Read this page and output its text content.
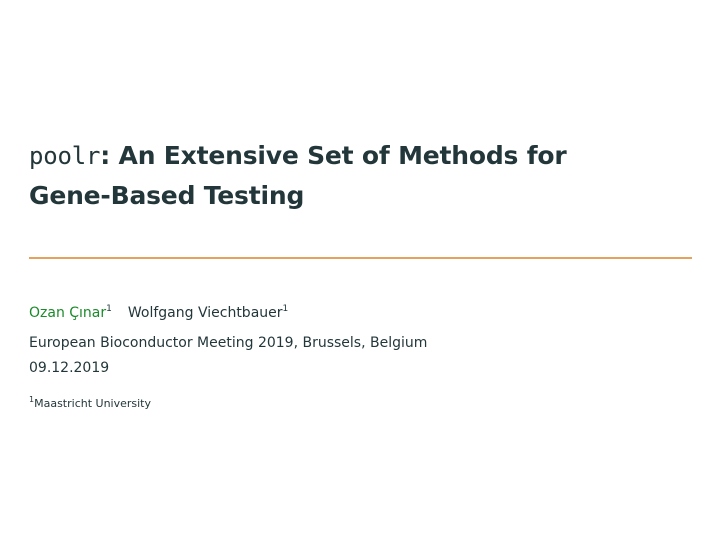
poolr: An Extensive Set of Methods for
Gene-Based Testing
Ozan Çınar$^1$ Wolfgang Viechtbauer$^1$
European Bioconductor Meeting 2019, Brussels, Belgium
09.12.2019
$^1$Maastricht University
